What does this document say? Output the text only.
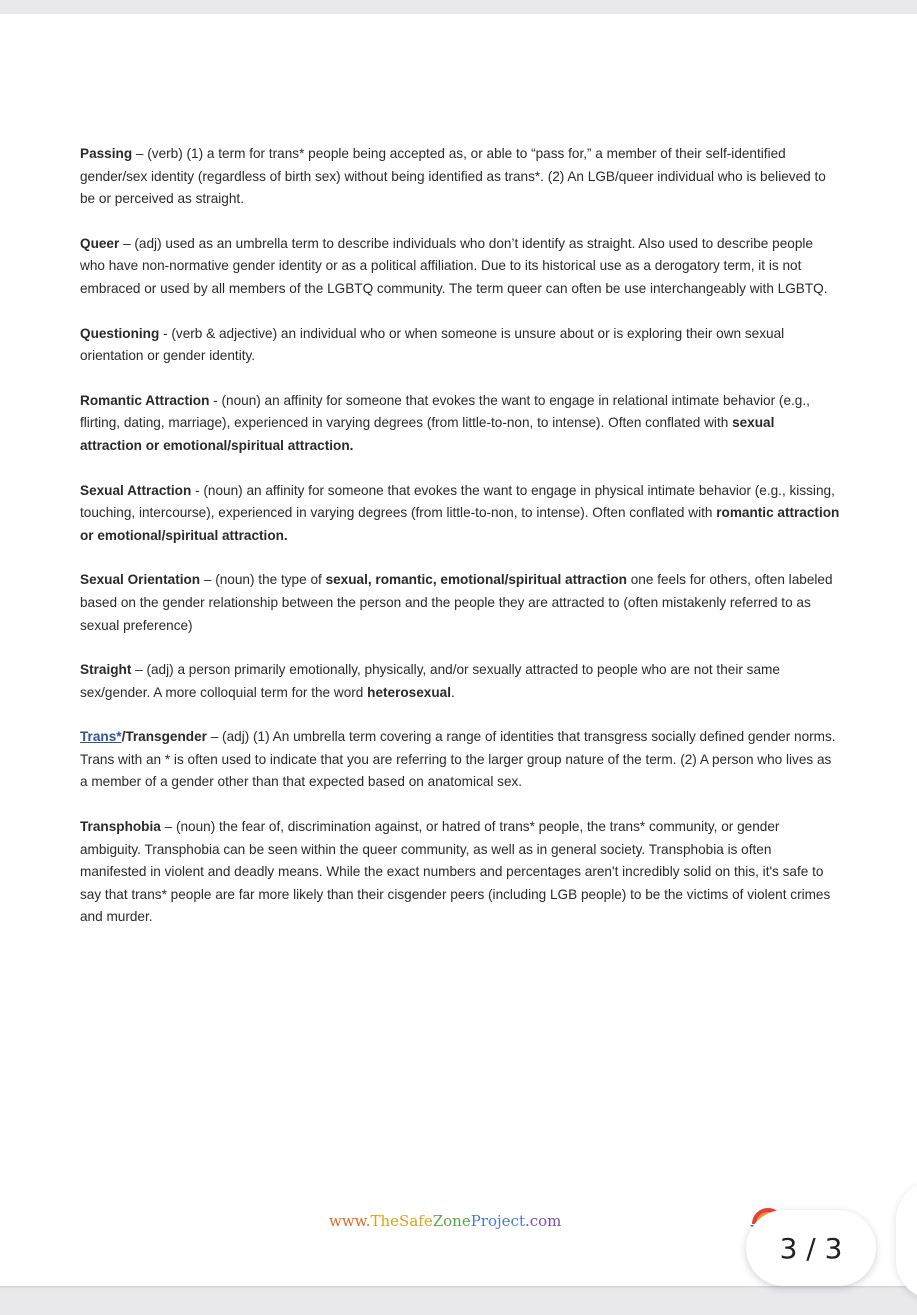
Passing – (verb) (1) a term for trans* people being accepted as, or able to “pass for,” a member of their self-identified gender/sex identity (regardless of birth sex) without being identified as trans*. (2) An LGB/queer individual who is believed to be or perceived as straight.

Queer – (adj) used as an umbrella term to describe individuals who don’t identify as straight. Also used to describe people who have non-normative gender identity or as a political affiliation. Due to its historical use as a derogatory term, it is not embraced or used by all members of the LGBTQ community. The term queer can often be use interchangeably with LGBTQ.

Questioning - (verb & adjective) an individual who or when someone is unsure about or is exploring their own sexual orientation or gender identity.

Romantic Attraction - (noun) an affinity for someone that evokes the want to engage in relational intimate behavior (e.g., flirting, dating, marriage), experienced in varying degrees (from little-to-non, to intense). Often conflated with sexual attraction or emotional/spiritual attraction.

Sexual Attraction - (noun) an affinity for someone that evokes the want to engage in physical intimate behavior (e.g., kissing, touching, intercourse), experienced in varying degrees (from little-to-non, to intense). Often conflated with romantic attraction or emotional/spiritual attraction.

Sexual Orientation – (noun) the type of sexual, romantic, emotional/spiritual attraction one feels for others, often labeled based on the gender relationship between the person and the people they are attracted to (often mistakenly referred to as sexual preference)

Straight – (adj) a person primarily emotionally, physically, and/or sexually attracted to people who are not their same sex/gender. A more colloquial term for the word heterosexual.

Trans*/Transgender – (adj) (1) An umbrella term covering a range of identities that transgress socially defined gender norms. Trans with an * is often used to indicate that you are referring to the larger group nature of the term. (2) A person who lives as a member of a gender other than that expected based on anatomical sex.

Transphobia – (noun) the fear of, discrimination against, or hatred of trans* people, the trans* community, or gender ambiguity. Transphobia can be seen within the queer community, as well as in general society. Transphobia is often manifested in violent and deadly means. While the exact numbers and percentages aren't incredibly solid on this, it's safe to say that trans* people are far more likely than their cisgender peers (including LGB people) to be the victims of violent crimes and murder.

www.TheSafeZoneProject.com
3 / 3
